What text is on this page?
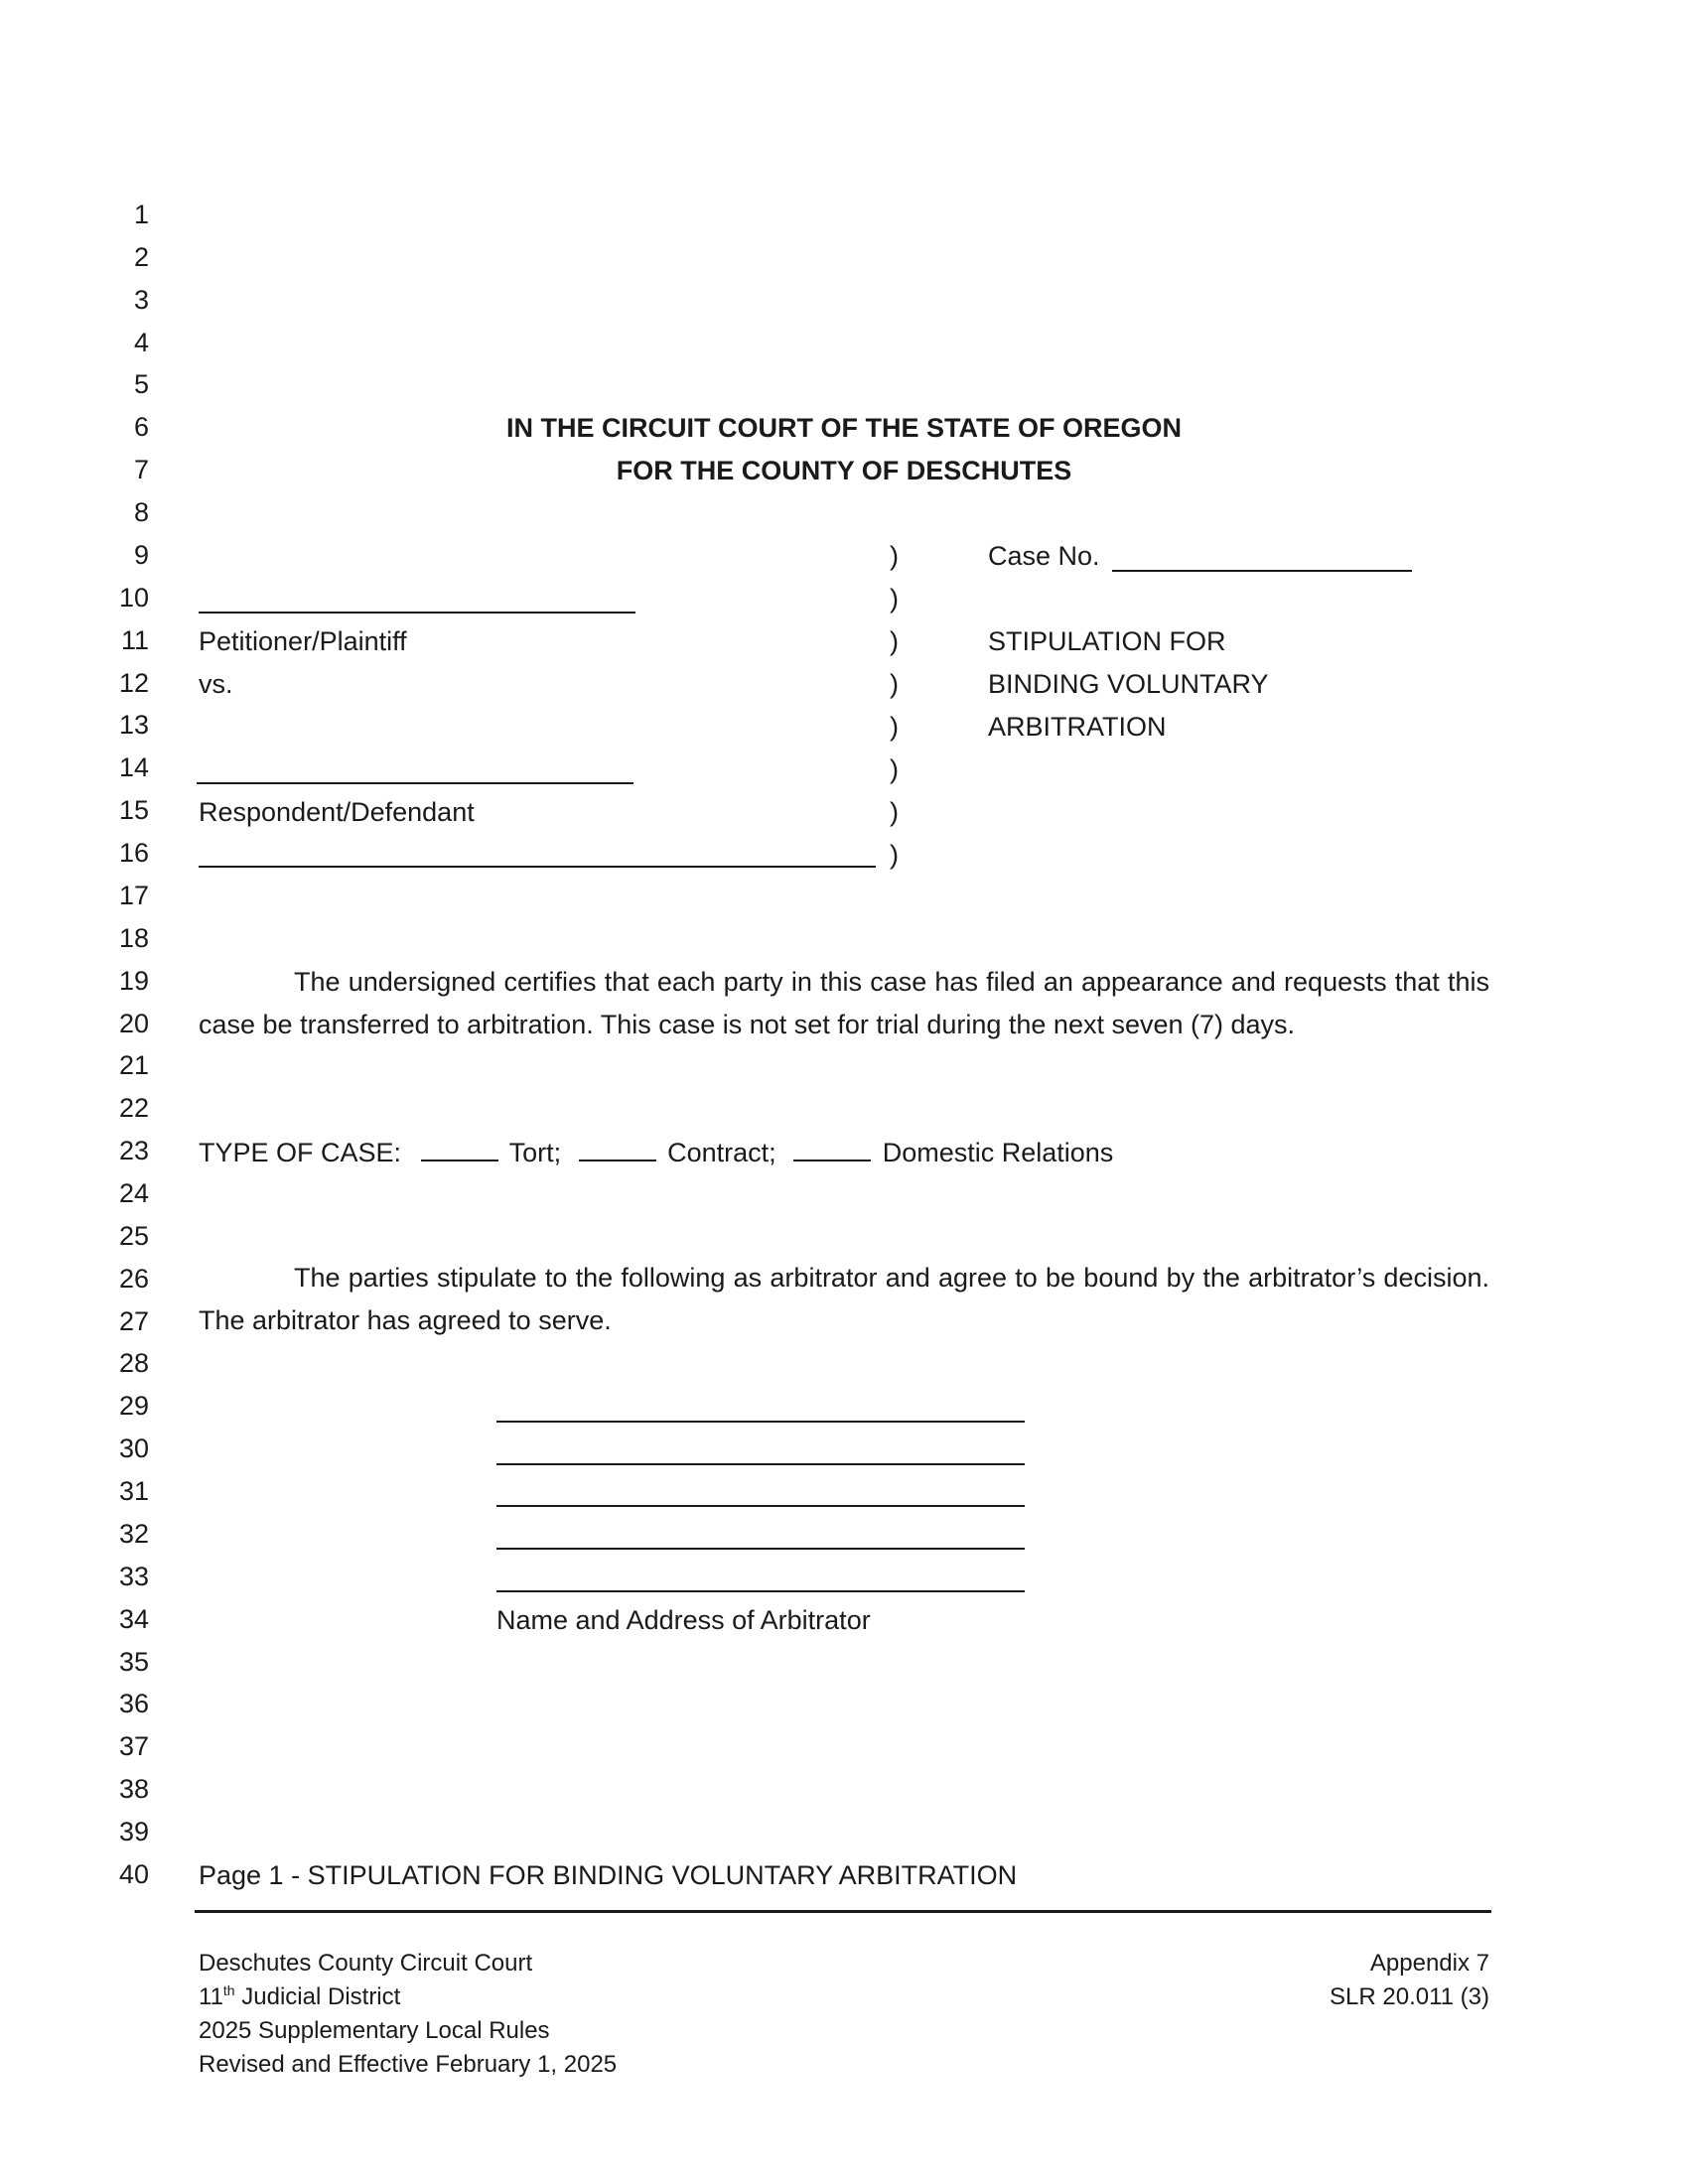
1
2
3
4
5
6
7
8
9
10
11
12
13
14
15
16
17
18
19
20
21
22
23
24
25
26
27
28
29
30
31
32
33
34
35
36
37
38
39
40
IN THE CIRCUIT COURT OF THE STATE OF OREGON
FOR THE COUNTY OF DESCHUTES
Petitioner/Plaintiff
vs.
Respondent/Defendant
)
)
)
)
)
)
)
)
Case No.
STIPULATION FOR
BINDING VOLUNTARY
ARBITRATION
The undersigned certifies that each party in this case has filed an appearance and requests that this case be transferred to arbitration. This case is not set for trial during the next seven (7) days.
TYPE OF CASE:	Tort;	Contract;	Domestic Relations
The parties stipulate to the following as arbitrator and agree to be bound by the arbitrator’s decision. The arbitrator has agreed to serve.
Name and Address of Arbitrator
Page 1 - STIPULATION FOR BINDING VOLUNTARY ARBITRATION
Deschutes County Circuit Court
11th Judicial District
2025 Supplementary Local Rules
Revised and Effective February 1, 2025
Appendix 7
SLR 20.011 (3)
